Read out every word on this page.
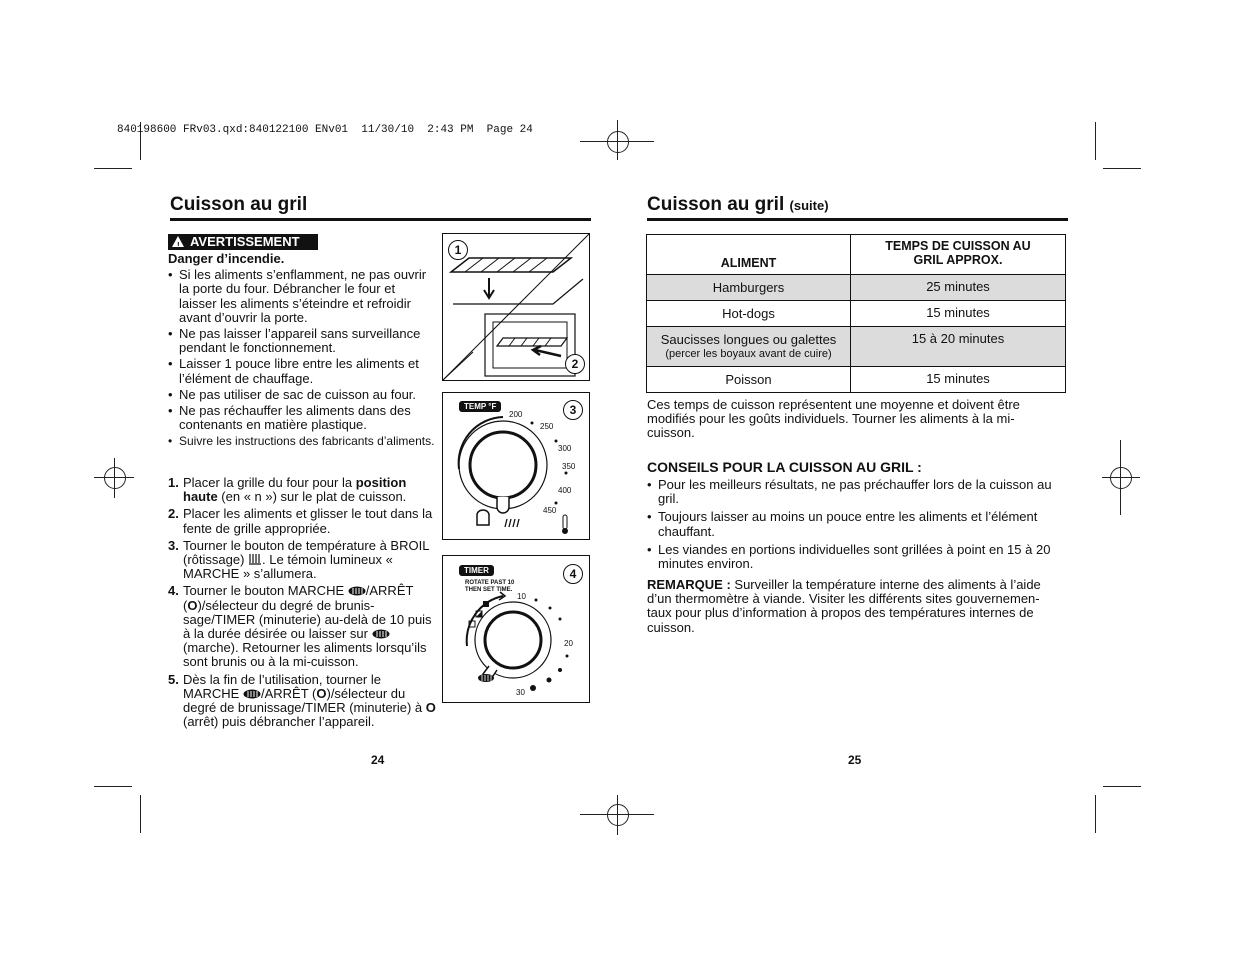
840198600 FRv03.qxd:840122100 ENv01  11/30/10  2:43 PM  Page 24
Cuisson au gril
! AVERTISSEMENT
Danger d’incendie.
• Si les aliments s’enflamment, ne pas ouvrir la porte du four. Débrancher le four et laisser les aliments s’éteindre et refroidir avant d’ouvrir la porte.
• Ne pas laisser l’appareil sans surveillance pendant le fonctionnement.
• Laisser 1 pouce libre entre les aliments et l’élément de chauffage.
• Ne pas utiliser de sac de cuisson au four.
• Ne pas réchauffer les aliments dans des contenants en matière plastique.
• Suivre les instructions des fabricants d’aliments.
1. Placer la grille du four pour la position haute (en « n ») sur le plat de cuisson.
2. Placer les aliments et glisser le tout dans la fente de grille appropriée.
3. Tourner le bouton de température à BROIL (rôtissage) . Le témoin lumineux « MARCHE » s’allumera.
4. Tourner le bouton MARCHE /ARRÊT (O)/sélecteur du degré de brunis-sage/TIMER (minuterie) au-delà de 10 puis à la durée désirée ou laisser sur  (marche). Retourner les aliments lorsqu’ils sont brunis ou à la mi-cuisson.
5. Dès la fin de l’utilisation, tourner le MARCHE /ARRÊT (O)/sélecteur du degré de brunissage/TIMER (minuterie) à O (arrêt) puis débrancher l’appareil.
24
1
2
TEMP °F
200
250
300
350
400
450
3
TIMER
ROTATE PAST 10
THEN SET TIME.
10
20
30
4
Cuisson au gril (suite)
ALIMENT	TEMPS DE CUISSON AU
GRIL APPROX.

Hamburgers	25 minutes
Hot-dogs	15 minutes

Saucisses longues ou galettes
(percer les boyaux avant de cuire)	15 à 20 minutes
Poisson	15 minutes
Ces temps de cuisson représentent une moyenne et doivent être modifiés pour les goûts individuels. Tourner les aliments à la mi-cuisson.
CONSEILS POUR LA CUISSON AU GRIL :
• Pour les meilleurs résultats, ne pas préchauffer lors de la cuisson au gril.
• Toujours laisser au moins un pouce entre les aliments et l’élément chauffant.
• Les viandes en portions individuelles sont grillées à point en 15 à 20 minutes environ.
REMARQUE : Surveiller la température interne des aliments à l’aide d’un thermomètre à viande. Visiter les différents sites gouvernemen-taux pour plus d’information à propos des températures internes de cuisson.
25
